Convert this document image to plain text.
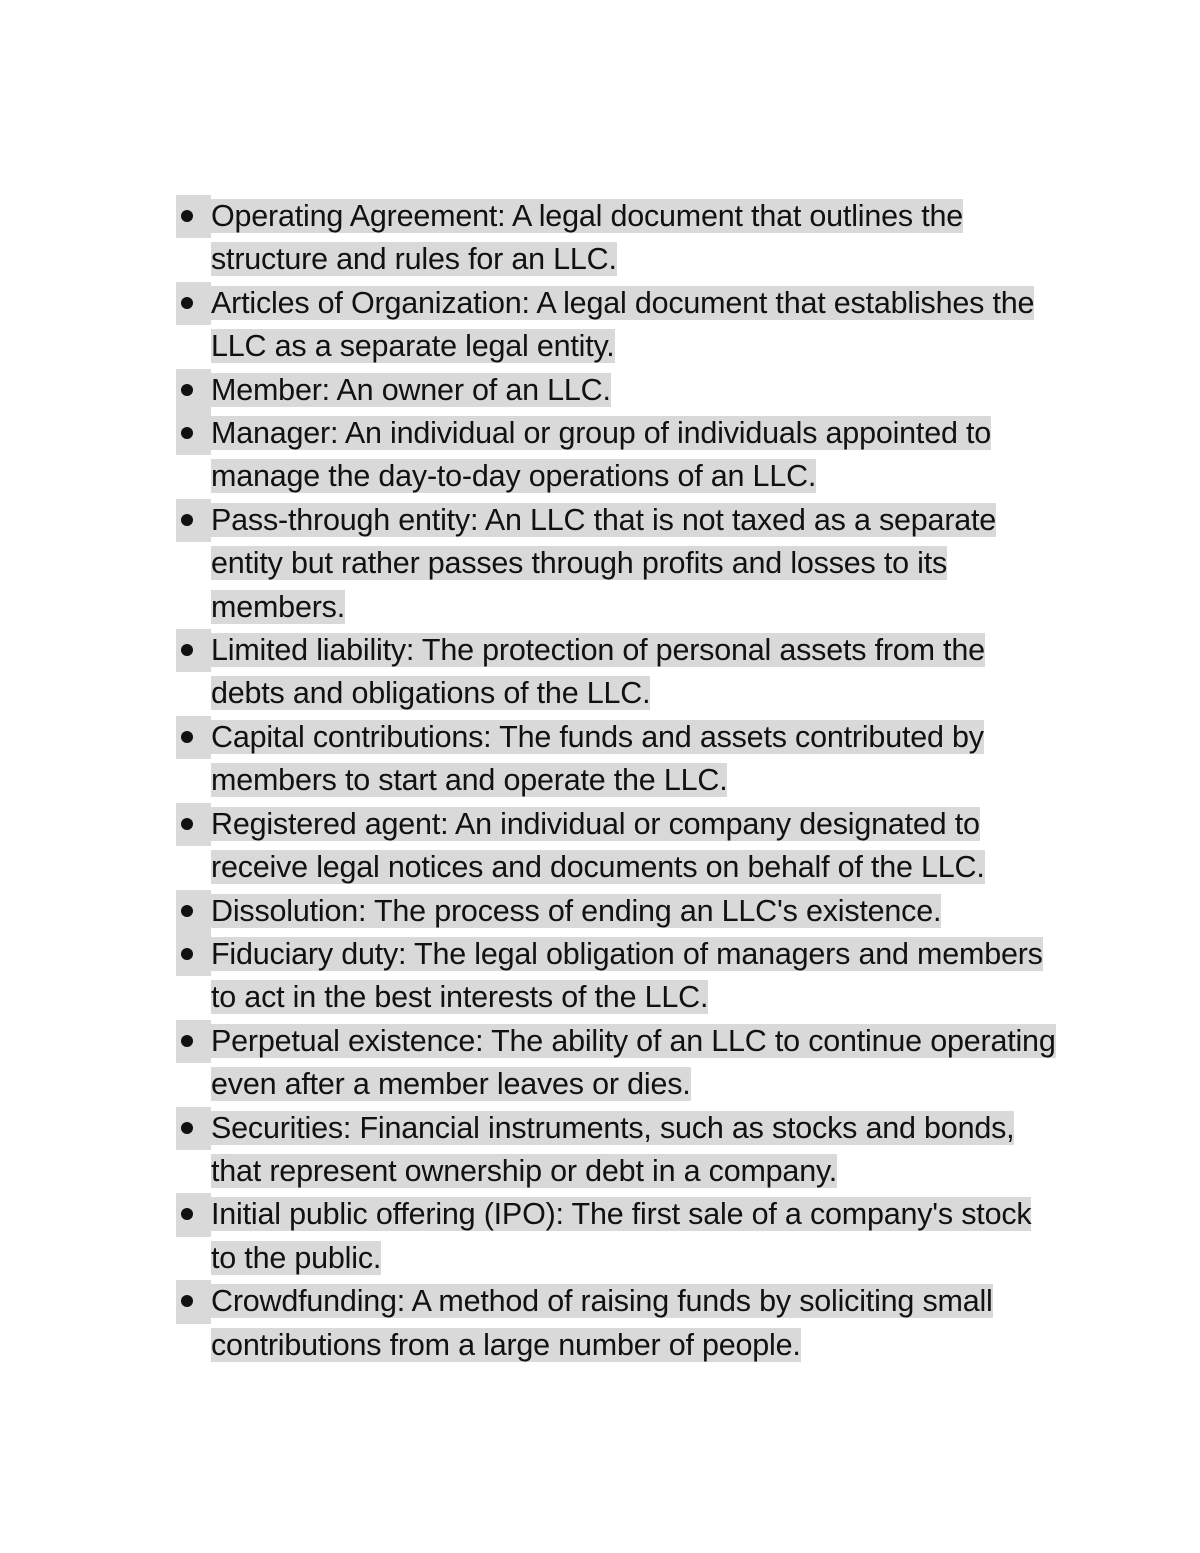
Operating Agreement: A legal document that outlines the structure and rules for an LLC.
Articles of Organization: A legal document that establishes the LLC as a separate legal entity.
Member: An owner of an LLC.
Manager: An individual or group of individuals appointed to manage the day-to-day operations of an LLC.
Pass-through entity: An LLC that is not taxed as a separate entity but rather passes through profits and losses to its members.
Limited liability: The protection of personal assets from the debts and obligations of the LLC.
Capital contributions: The funds and assets contributed by members to start and operate the LLC.
Registered agent: An individual or company designated to receive legal notices and documents on behalf of the LLC.
Dissolution: The process of ending an LLC's existence.
Fiduciary duty: The legal obligation of managers and members to act in the best interests of the LLC.
Perpetual existence: The ability of an LLC to continue operating even after a member leaves or dies.
Securities: Financial instruments, such as stocks and bonds, that represent ownership or debt in a company.
Initial public offering (IPO): The first sale of a company's stock to the public.
Crowdfunding: A method of raising funds by soliciting small contributions from a large number of people.
